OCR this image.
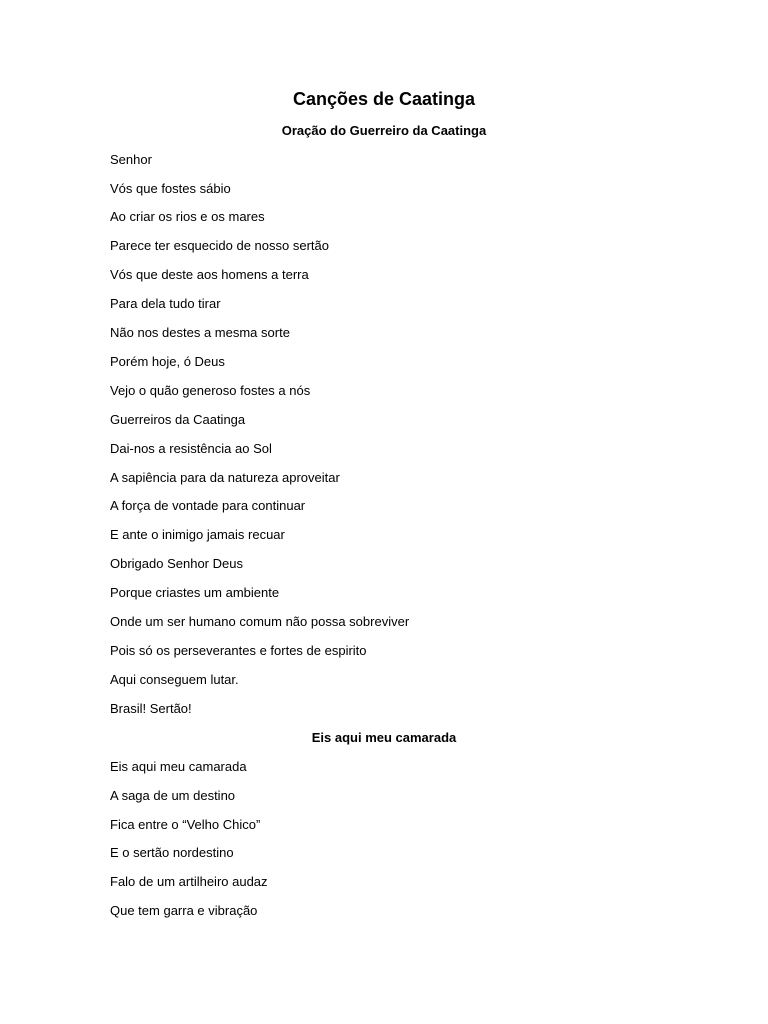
Canções de Caatinga
Oração do Guerreiro da Caatinga

Senhor

Vós que fostes sábio

Ao criar os rios e os mares

Parece ter esquecido de nosso sertão

Vós que deste aos homens a terra

Para dela tudo tirar

Não nos destes a mesma sorte

Porém hoje, ó Deus

Vejo o quão generoso fostes a nós

Guerreiros da Caatinga

Dai-nos a resistência ao Sol

A sapiência para da natureza aproveitar

A força de vontade para continuar

E ante o inimigo jamais recuar

Obrigado Senhor Deus

Porque criastes um ambiente

Onde um ser humano comum não possa sobreviver

Pois só os perseverantes e fortes de espirito

Aqui conseguem lutar.

Brasil! Sertão!

Eis aqui meu camarada

Eis aqui meu camarada

A saga de um destino

Fica entre o “Velho Chico”

E o sertão nordestino

Falo de um artilheiro audaz

Que tem garra e vibração
